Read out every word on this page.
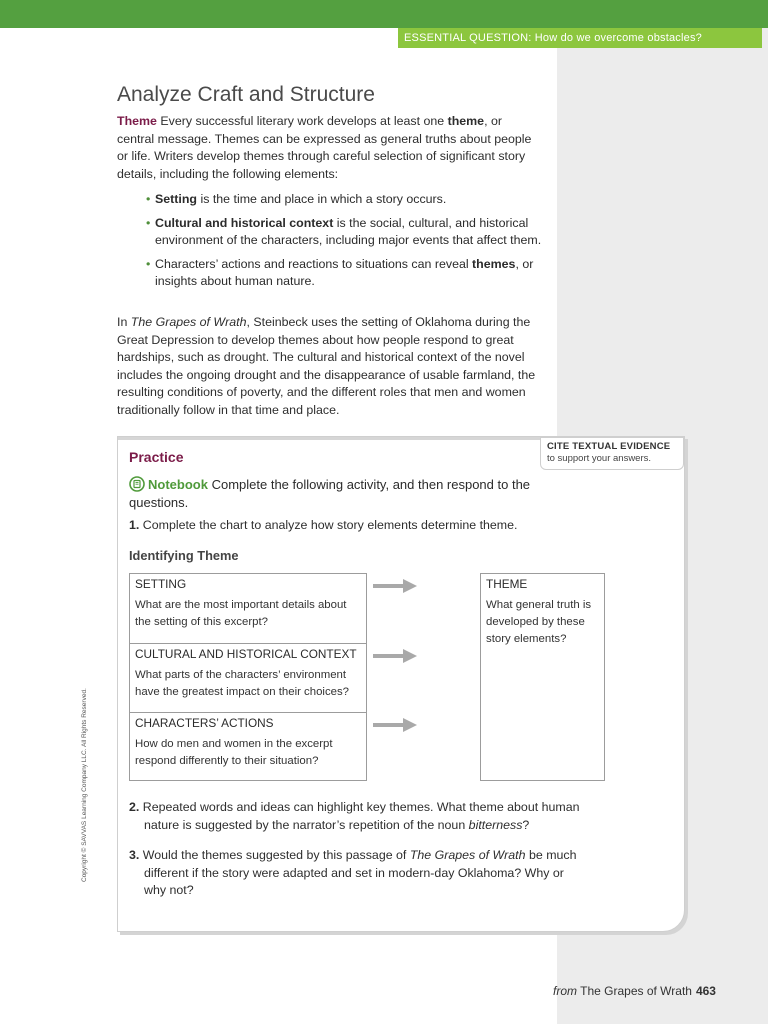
ESSENTIAL QUESTION: How do we overcome obstacles?
Analyze Craft and Structure

Theme Every successful literary work develops at least one theme, or central message. Themes can be expressed as general truths about people or life. Writers develop themes through careful selection of significant story details, including the following elements:

• Setting is the time and place in which a story occurs.
• Cultural and historical context is the social, cultural, and historical environment of the characters, including major events that affect them.
• Characters’ actions and reactions to situations can reveal themes, or insights about human nature.

In The Grapes of Wrath, Steinbeck uses the setting of Oklahoma during the Great Depression to develop themes about how people respond to great hardships, such as drought. The cultural and historical context of the novel includes the ongoing drought and the disappearance of usable farmland, the resulting conditions of poverty, and the different roles that men and women traditionally follow in that time and place.

CITE TEXTUAL EVIDENCE
to support your answers.
Practice
Notebook Complete the following activity, and then respond to the questions.
1. Complete the chart to analyze how story elements determine theme.
Identifying Theme
SETTING
What are the most important details about the setting of this excerpt?
CULTURAL AND HISTORICAL CONTEXT
What parts of the characters’ environment have the greatest impact on their choices?
CHARACTERS’ ACTIONS
How do men and women in the excerpt respond differently to their situation?
THEME
What general truth is developed by these story elements?
2. Repeated words and ideas can highlight key themes. What theme about human nature is suggested by the narrator’s repetition of the noun bitterness?
3. Would the themes suggested by this passage of The Grapes of Wrath be much different if the story were adapted and set in modern-day Oklahoma? Why or why not?
Copyright © SAVVAS Learning Company LLC. All Rights Reserved.
from The Grapes of Wrath 463
